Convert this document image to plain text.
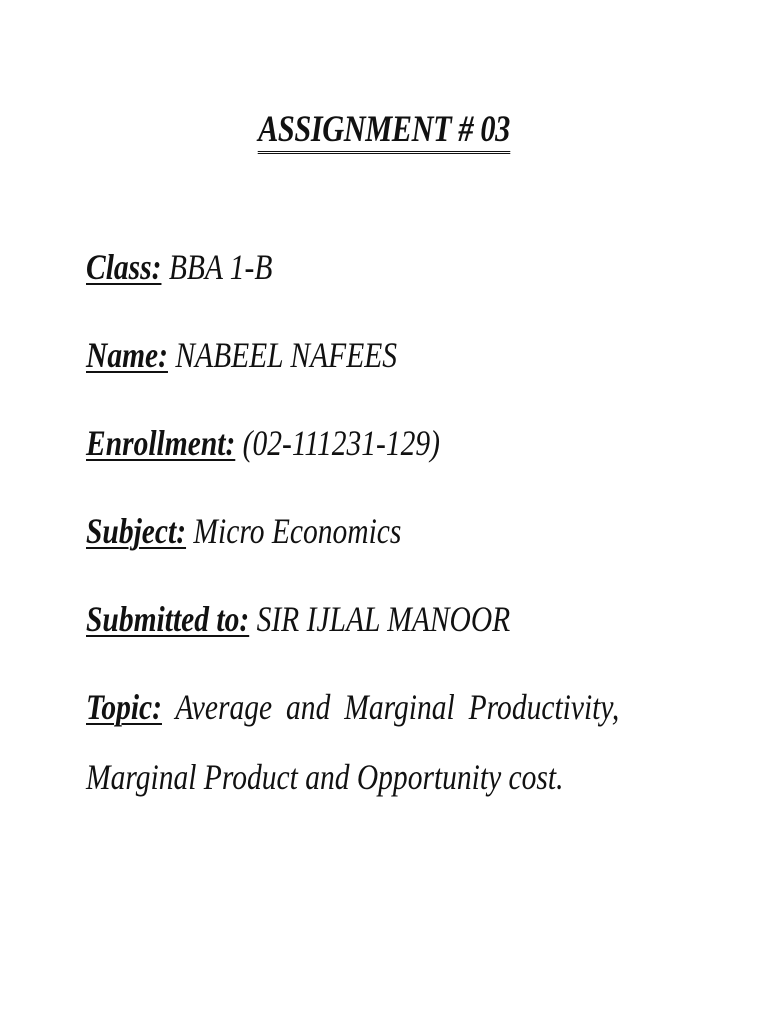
ASSIGNMENT # 03
Class: BBA 1-B
Name: NABEEL NAFEES
Enrollment: (02-111231-129)
Subject: Micro Economics
Submitted to: SIR IJLAL MANOOR
Topic: Average and Marginal Productivity,
Marginal Product and Opportunity cost.
